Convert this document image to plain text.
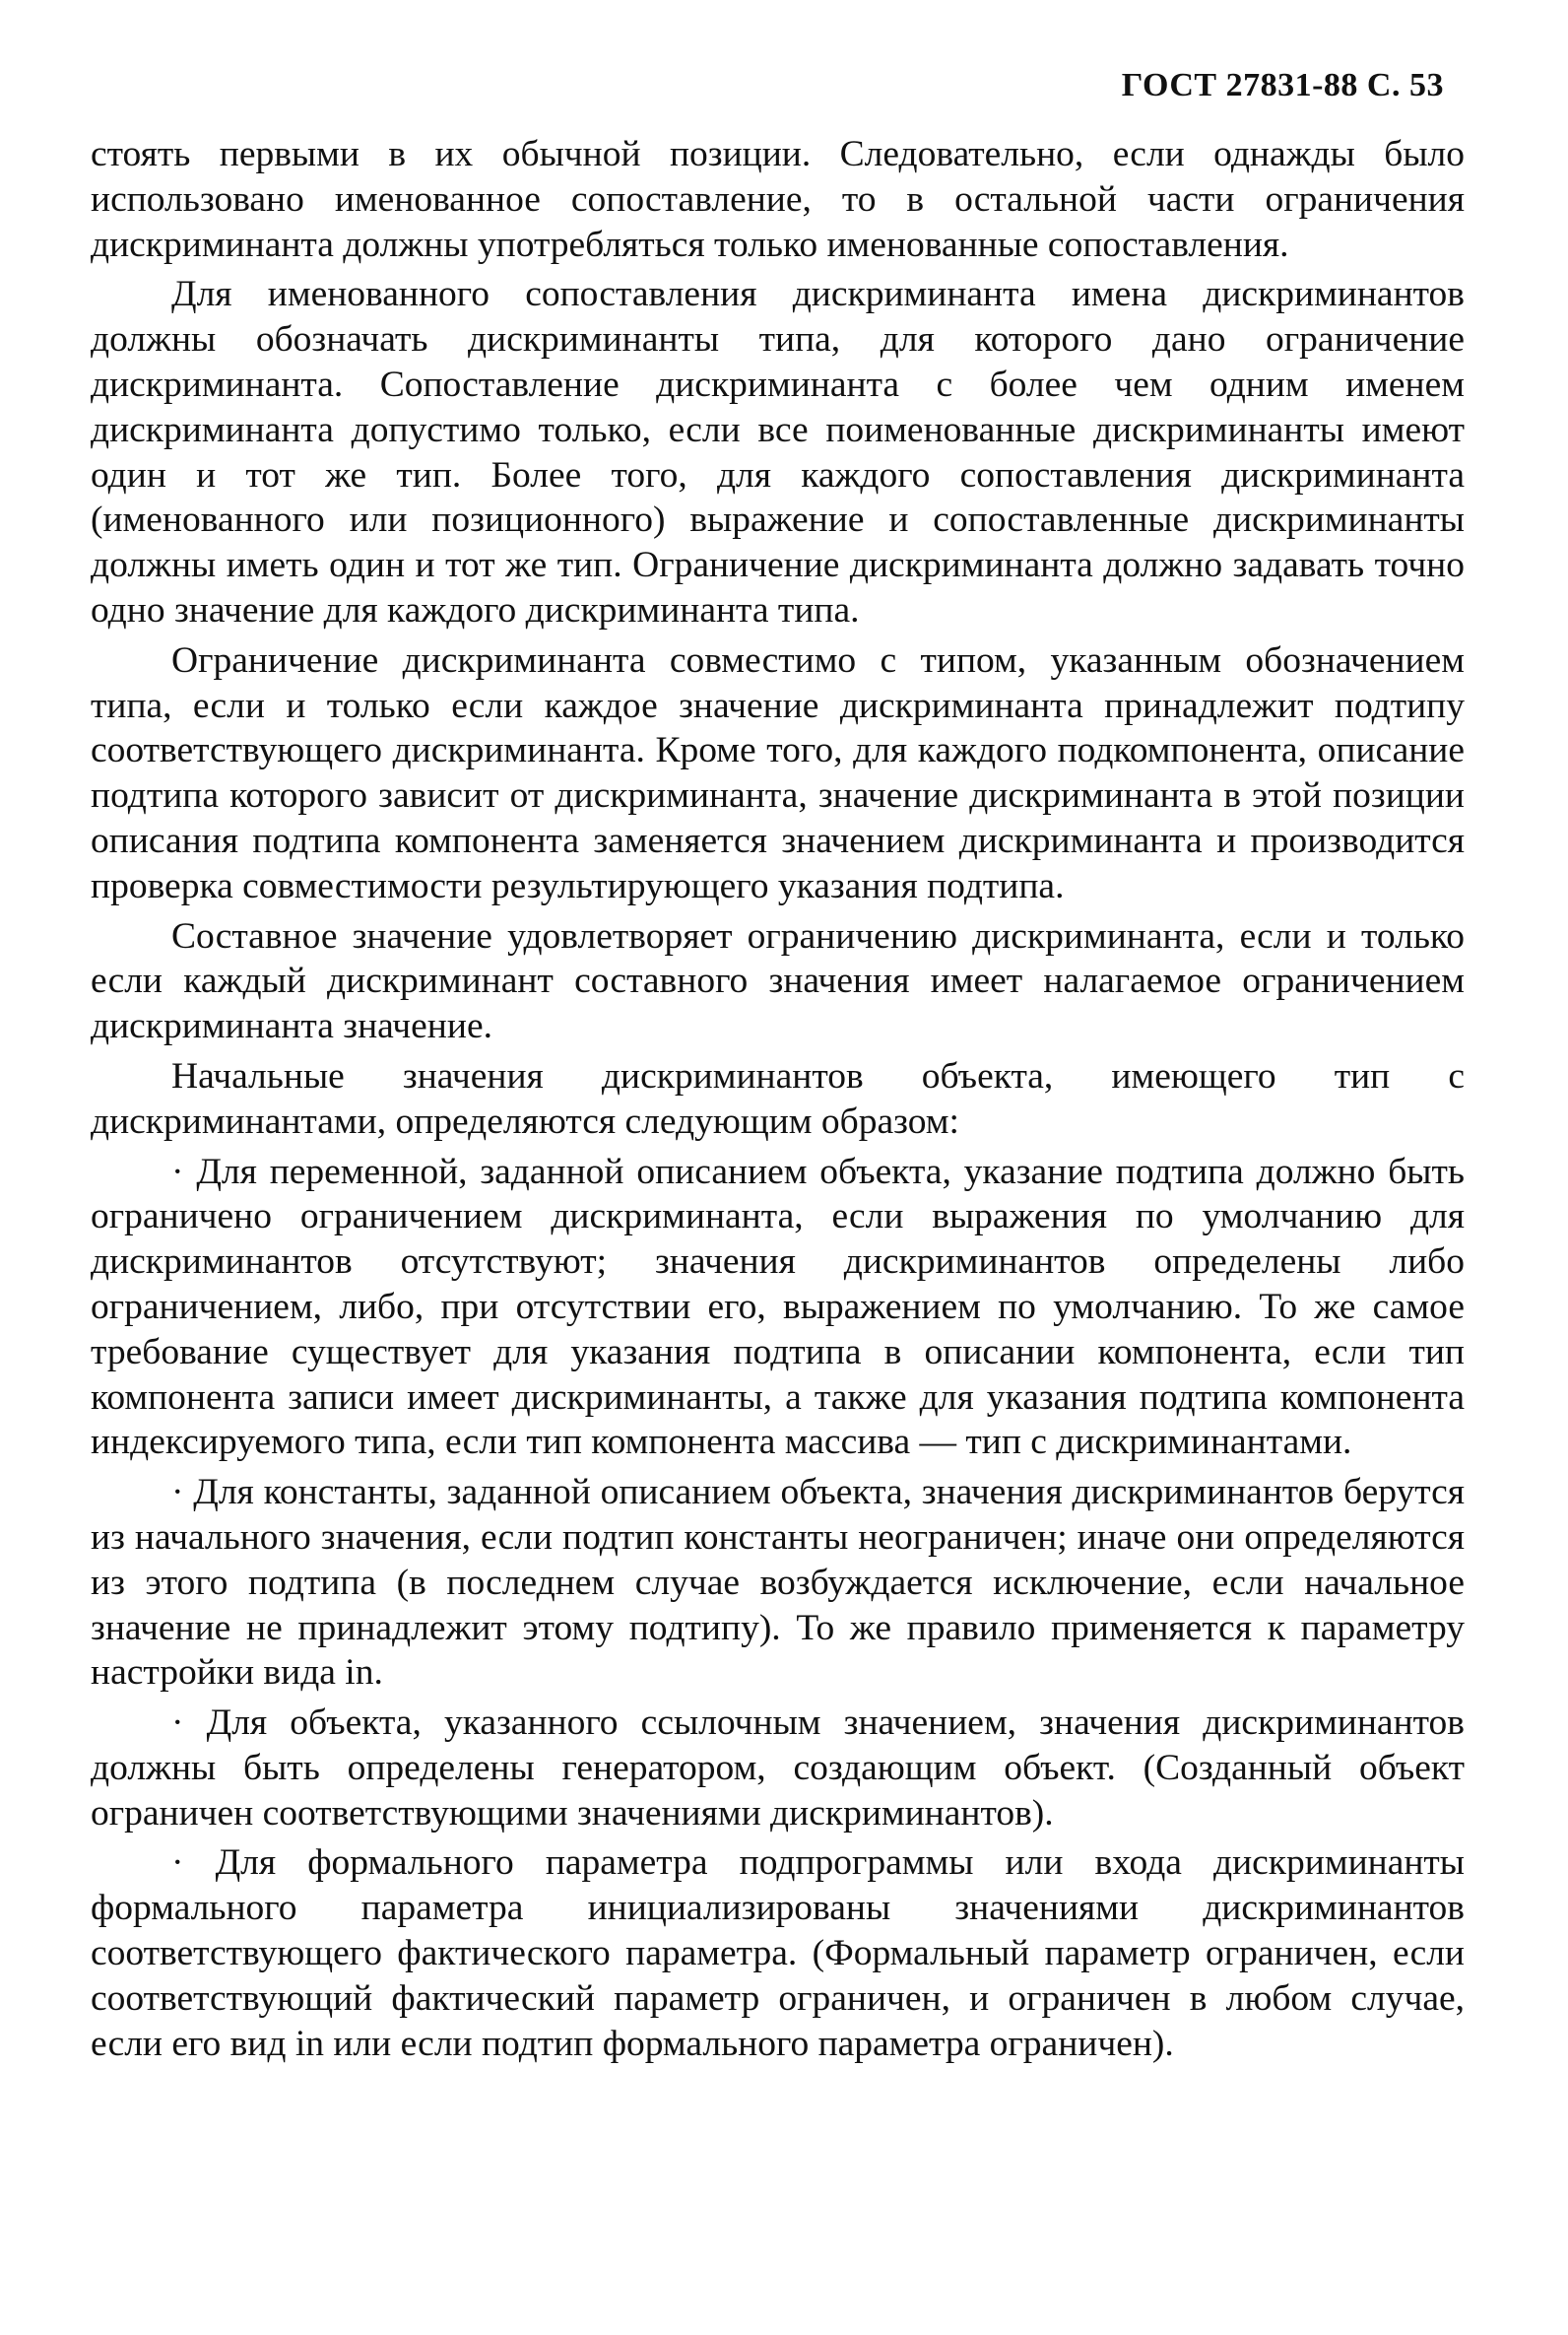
ГОСТ 27831-88 С. 53

стоять первыми в их обычной позиции. Следовательно, если однажды было использовано именованное сопоставление, то в остальной части ограничения дискриминанта должны употребляться только именованные сопоставления.

Для именованного сопоставления дискриминанта имена дискриминантов должны обозначать дискриминанты типа, для которого дано ограничение дискриминанта. Сопоставление дискриминанта с более чем одним именем дискриминанта допустимо только, если все поименованные дискриминанты имеют один и тот же тип. Более того, для каждого сопоставления дискриминанта (именованного или позиционного) выражение и сопоставленные дискриминанты должны иметь один и тот же тип. Ограничение дискриминанта должно задавать точно одно значение для каждого дискриминанта типа.

Ограничение дискриминанта совместимо с типом, указанным обозначением типа, если и только если каждое значение дискриминанта принадлежит подтипу соответствующего дискриминанта. Кроме того, для каждого подкомпонента, описание подтипа которого зависит от дискриминанта, значение дискриминанта в этой позиции описания подтипа компонента заменяется значением дискриминанта и производится проверка совместимости результирующего указания подтипа.

Составное значение удовлетворяет ограничению дискриминанта, если и только если каждый дискриминант составного значения имеет налагаемое ограничением дискриминанта значение.

Начальные значения дискриминантов объекта, имеющего тип с дискриминантами, определяются следующим образом:

· Для переменной, заданной описанием объекта, указание подтипа должно быть ограничено ограничением дискриминанта, если выражения по умолчанию для дискриминантов отсутствуют; значения дискриминантов определены либо ограничением, либо, при отсутствии его, выражением по умолчанию. То же самое требование существует для указания подтипа в описании компонента, если тип компонента записи имеет дискриминанты, а также для указания подтипа компонента индексируемого типа, если тип компонента массива — тип с дискриминантами.

· Для константы, заданной описанием объекта, значения дискриминантов берутся из начального значения, если подтип константы неограничен; иначе они определяются из этого подтипа (в последнем случае возбуждается исключение, если начальное значение не принадлежит этому подтипу). То же правило применяется к параметру настройки вида in.

· Для объекта, указанного ссылочным значением, значения дискриминантов должны быть определены генератором, создающим объект. (Созданный объект ограничен соответствующими значениями дискриминантов).

· Для формального параметра подпрограммы или входа дискриминанты формального параметра инициализированы значениями дискриминантов соответствующего фактического параметра. (Формальный параметр ограничен, если соответствующий фактический параметр ограничен, и ограничен в любом случае, если его вид in или если подтип формального параметра ограничен).
